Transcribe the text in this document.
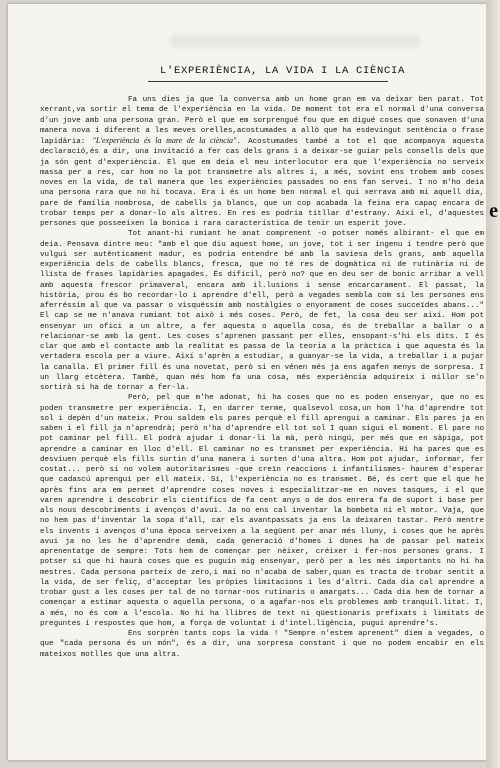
L'EXPERIÈNCIA, LA VIDA I LA CIÈNCIA

Fa uns dies ja que la conversa amb un home gran em va deixar ben parat. Tot xerrant,va sortir el tema de l'experiència en la vida. De moment tot era el normal d'una conversa d'un jove amb una persona gran. Però el que em sorprengué fou que em digué coses que sonaven d'una manera nova i diferent a les meves orelles,acostumades a allò que ha esdevingut sentència o frase lapidària: "L'experiència és la mare de la ciència". Acostumades també a tot el que acompanya aquesta declaració,és a dir, una invitació a fer cas dels grans i a deixar-se guiar pels consells dels que ja són gent d'experiència. El que em deia el meu interlocutor era que l'experiència no serveix massa per a res, car hom no la pot transmetre als altres i, a més, sovint ens trobem amb coses noves en la vida, de tal manera que les experiències passades no ens fan servei. I no m'ho deia una persona rara que no hi tocava. Era i és un home ben normal el qui xerrava amb mi aquell dia, pare de família nombrosa, de cabells ja blancs, que un cop acabada la feina era capaç encara de trobar temps per a donar-lo als altres. En res es podria titllar d'estrany. Així el, d'aquestes persones que posseeixen la bonica i rara característica de tenir un esperit jove.

Tot anant-hi rumiant he anat comprenent -o potser només albirant- el que em deia. Pensava dintre meu: "amb el que diu aquest home, un jove, tot i ser ingenu i tendre però que vulgui ser autènticament madur, es podria entendre bé amb la saviesa dels grans, amb aquella experiència dels de cabells blancs, fresca, que no té res de dogmàtica ni de rutinària ni de llista de frases lapidàries apagades. És difícil, però no? que en deu ser de bonic arribar a vell amb aquesta frescor primaveral, encara amb il.lusions i sense encarcarament. El passat, la història, prou és bo recordar-lo i aprendre d'ell, però a vegades sembla com si les persones ens aferréssim al que va passar o visquéssim amb nostàlgies o enyorament de coses succeïdes abans..." El cap se me n'anava rumiant tot això i més coses. Però, de fet, la cosa deu ser així. Hom pot ensenyar un ofici a un altre, a fer aquesta o aquella cosa, és de treballar a ballar o a relacionar-se amb la gent. Les coses s'aprenen passant per elles, ensopant-s'hi els dits. I és clar que amb el contacte amb la realitat es passa de la teoria a la pràctica i que aquesta és la vertadera escola per a viure. Així s'aprèn a estudiar, a guanyar-se la vida, a treballar i a pujar la canalla. El primer fill és una novetat, però si en vénen més ja ens agafen menys de sorpresa. I un llarg etcètera. També, quan més hom fa una cosa, més experiència adquireix i millor se'n sortirà si ha de tornar a fer-la.

Però, pel que m'he adonat, hi ha coses que no es poden ensenyar, que no es poden transmetre per experiència. I, en darrer terme, qualsevol cosa,un hom l'ha d'aprendre tot sol i depèn d'un mateix. Prou saldem els pares perquè el fill aprengui a caminar. Els pares ja en saben i el fill ja n'aprendrà; però n'ha d'aprendre ell tot sol I quan sigui el moment. El pare no pot caminar pel fill. El podrà ajudar i donar-li la mà, però ningú, per més que en sàpiga, pot aprendre a caminar en lloc d'ell. El caminar no es transmet per experiència. Hi ha pares que es desviuen perquè els fills surtin d'una manera i surten d'una altra. Hom pot ajudar, informar, fer costat... però si no volem autoritarismes -que creïn reaccions i infantilismes- haurem d'esperar que cadascú aprengui per ell mateix. Sí, l'experiència no es transmet. Bé, és cert que el que he après fins ara em permet d'aprendre coses noves i especialitzar-me en noves tasques, i el que varen aprendre i descobrir els científics de fa cent anys o de dos enrera fa de suport i base per als nous descobriments i avenços d'avui. Ja no ens cal inventar la bombeta ni el motor. Vaja, que no hem pas d'inventar la sopa d'all, car els avantpassats ja ens la deixaren tastar. Però mentre els invents i avenços d'una època serveixen a la següent per anar més lluny, i coses que he après avui ja no les he d'aprendre demà, cada generació d'homes i dones ha de passar pel mateix aprenentatge de sempre: Tots hem de començar per néixer, créixer i fer-nos persones grans. I potser sí que hi haurà coses que es puguin mig ensenyar, però per a les més importants no hi ha mestres. Cada persona parteix de zero,i mai no n'acaba de saber,quan es tracta de trobar sentit a la vida, de ser feliç, d'acceptar les pròpies limitacions i les d'altri. Cada dia cal aprendre a trobar gust a les coses per tal de no tornar-nos rutinaris o amargats... Cada dia hem de tornar a començar a estimar aquesta o aquella persona, o a agafar-nos els problemes amb tranquil.litat. I, a més, no és com a l'escola. No hi ha llibres de text ni qüestionaris prefixats i limitats de preguntes i respostes que hom, a força de voluntat i d'intel.ligència, pugui aprendre's.

Ens sorprèn tants cops la vida ! "Sempre n'estem aprenent" diem a vegades, o que "cada persona és un món", és a dir, una sorpresa constant i que no podem encabir en els mateixos motlles que una altra.

e
